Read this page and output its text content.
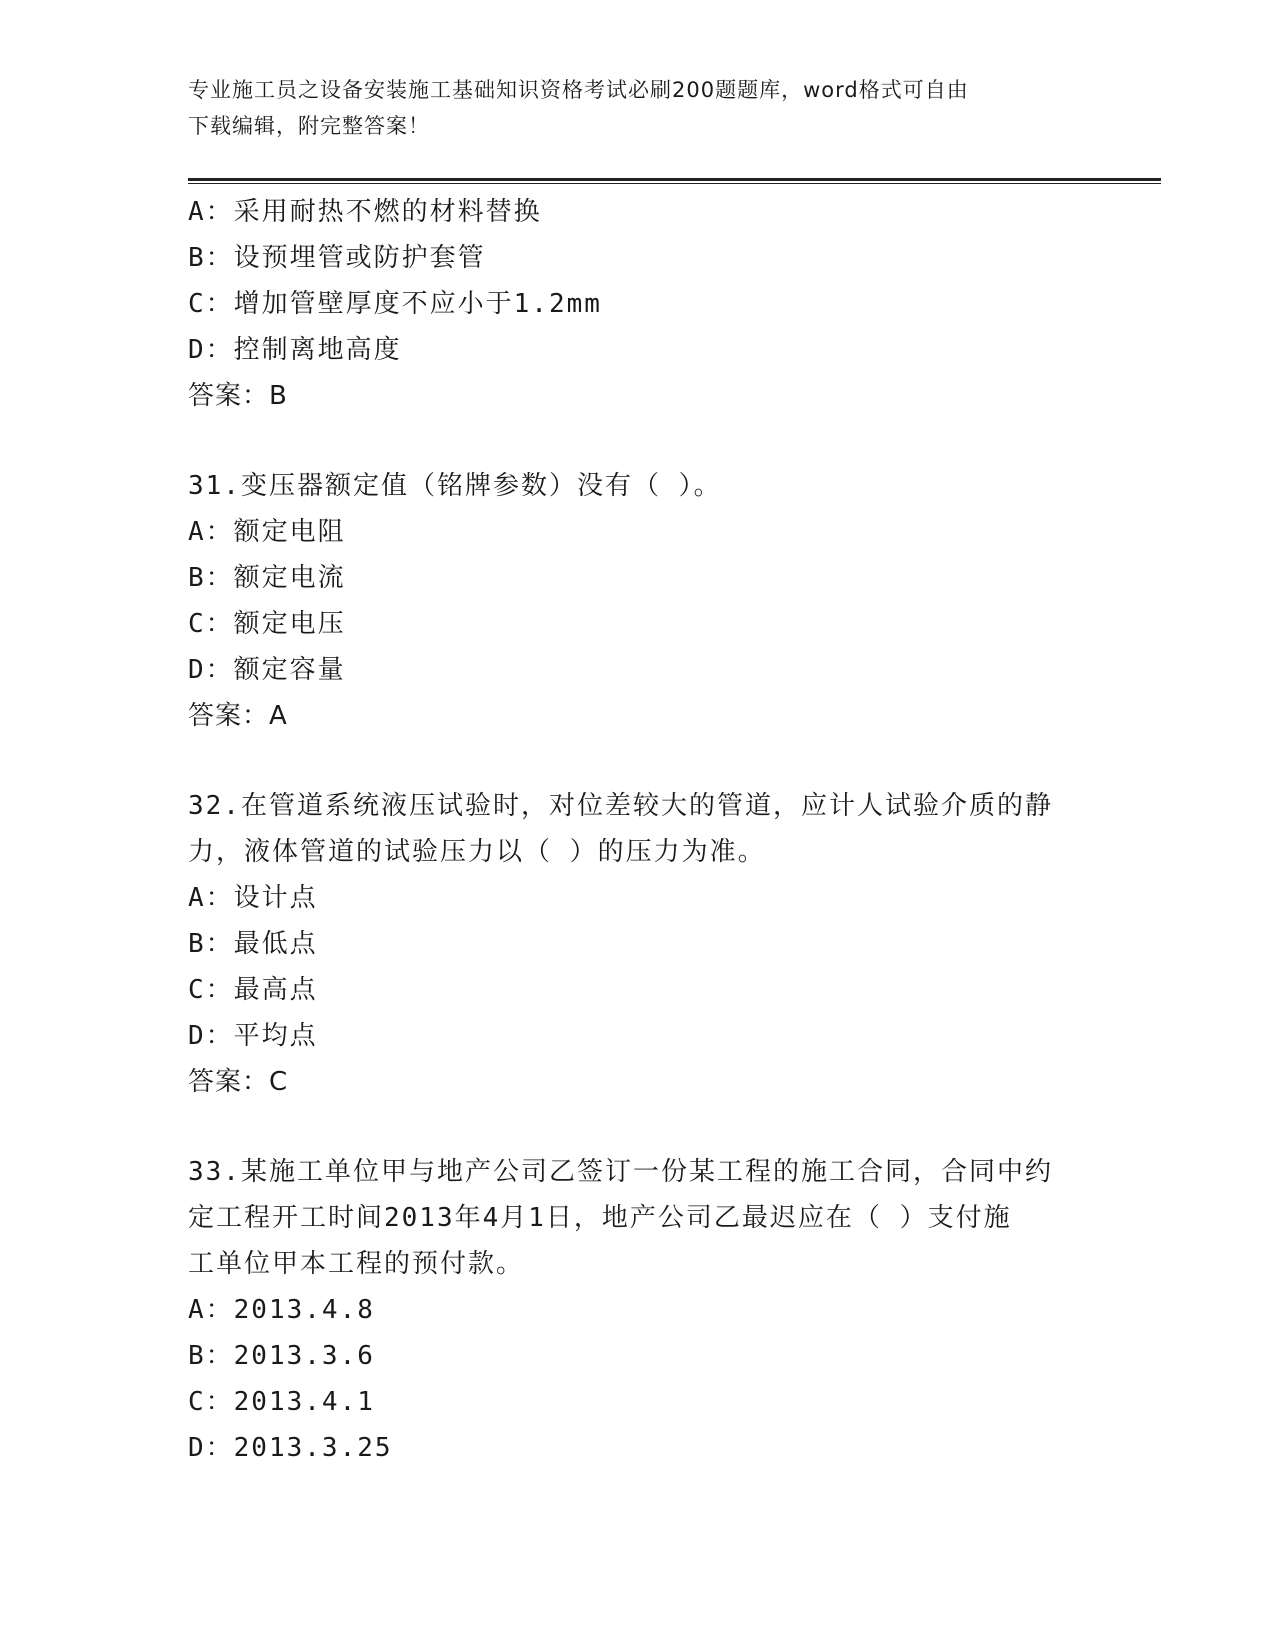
专业施工员之设备安装施工基础知识资格考试必刷200题题库，word格式可自由
下载编辑，附完整答案！
A：采用耐热不燃的材料替换
B：设预埋管或防护套管
C：增加管壁厚度不应小于1.2mm
D：控制离地高度
答案：B
31.变压器额定值（铭牌参数）没有（ ）。
A：额定电阻
B：额定电流
C：额定电压
D：额定容量
答案：A
32.在管道系统液压试验时，对位差较大的管道，应计人试验介质的静
力，液体管道的试验压力以（ ）的压力为准。
A：设计点
B：最低点
C：最高点
D：平均点
答案：C
33.某施工单位甲与地产公司乙签订一份某工程的施工合同，合同中约
定工程开工时间2013年4月1日，地产公司乙最迟应在（ ）支付施
工单位甲本工程的预付款。
A：2013.4.8
B：2013.3.6
C：2013.4.1
D：2013.3.25
